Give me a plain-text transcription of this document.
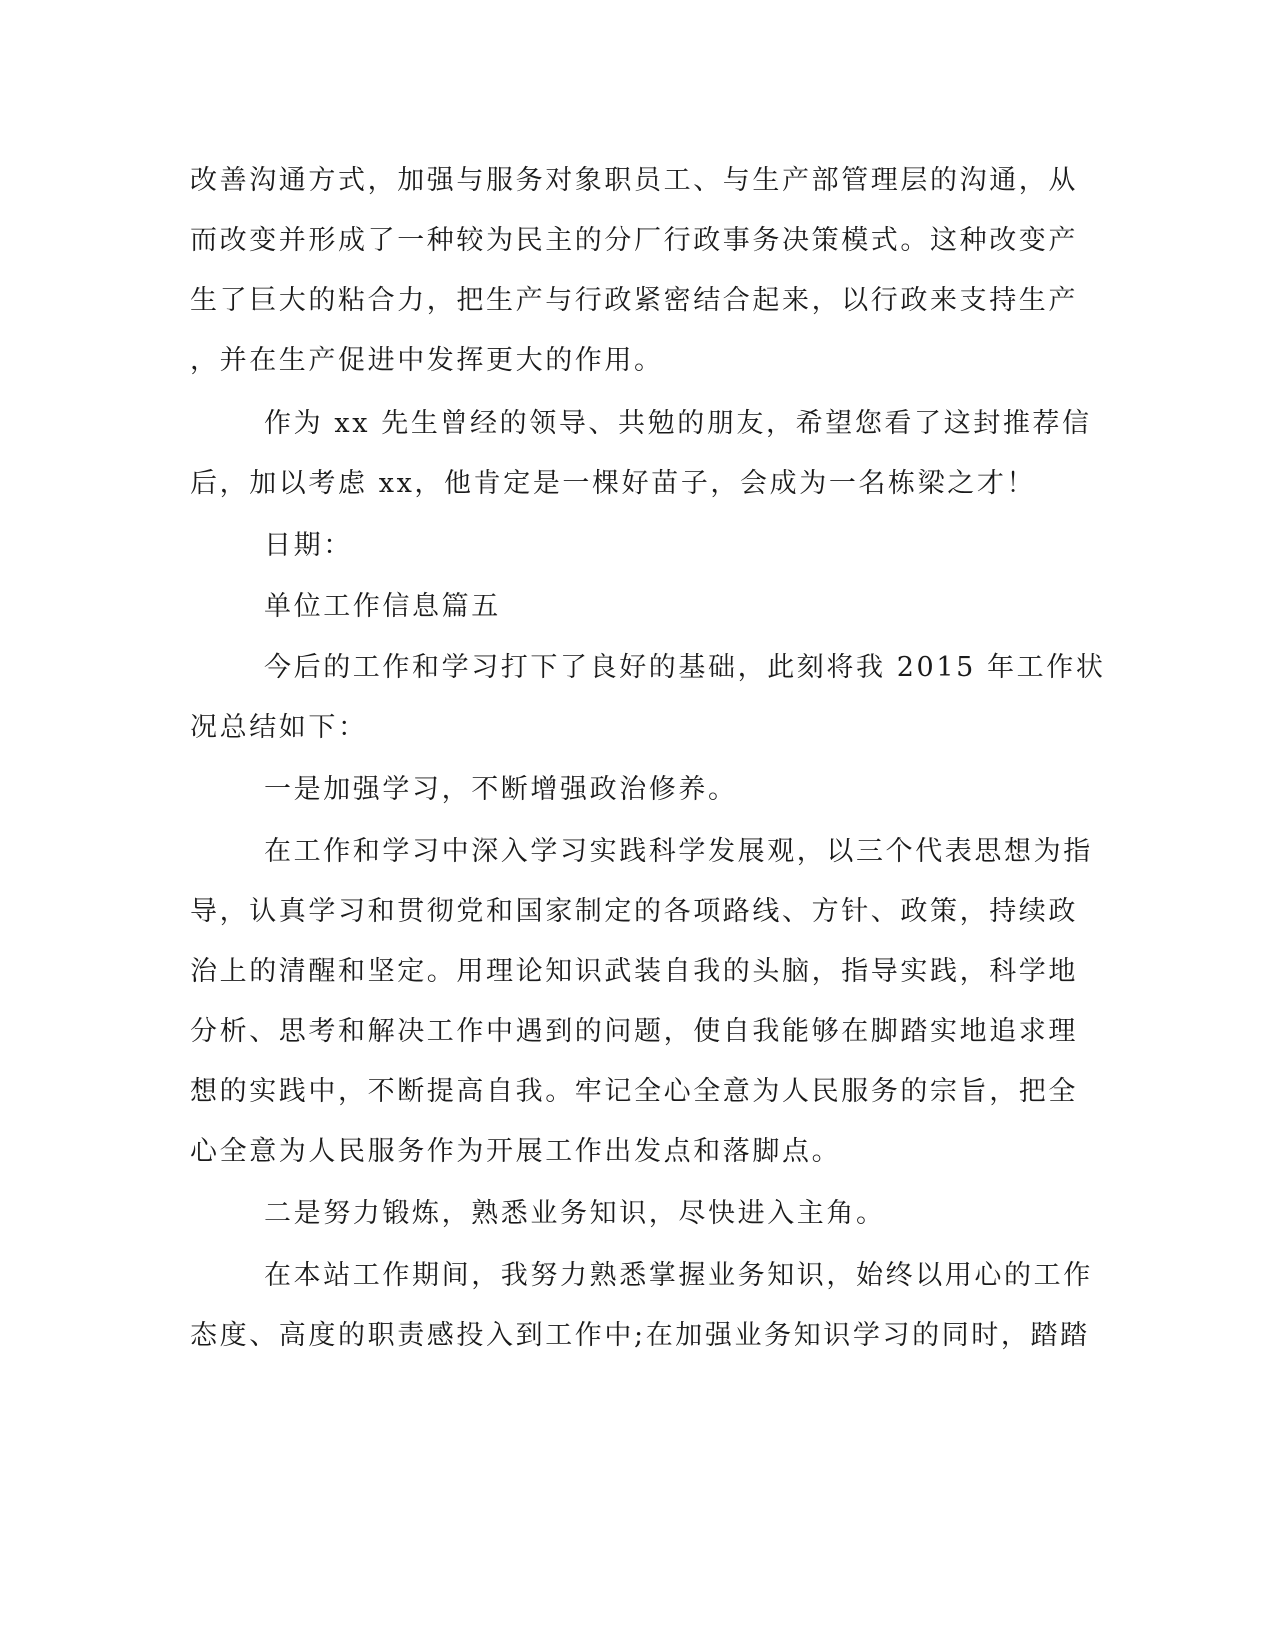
改善沟通方式，加强与服务对象职员工、与生产部管理层的沟通，从

而改变并形成了一种较为民主的分厂行政事务决策模式。这种改变产

生了巨大的粘合力，把生产与行政紧密结合起来，以行政来支持生产

，并在生产促进中发挥更大的作用。

作为 xx 先生曾经的领导、共勉的朋友，希望您看了这封推荐信

后，加以考虑 xx，他肯定是一棵好苗子，会成为一名栋梁之才！

日期：

单位工作信息篇五

今后的工作和学习打下了良好的基础，此刻将我 2015 年工作状

况总结如下：

一是加强学习，不断增强政治修养。

在工作和学习中深入学习实践科学发展观，以三个代表思想为指

导，认真学习和贯彻党和国家制定的各项路线、方针、政策，持续政

治上的清醒和坚定。用理论知识武装自我的头脑，指导实践，科学地

分析、思考和解决工作中遇到的问题，使自我能够在脚踏实地追求理

想的实践中，不断提高自我。牢记全心全意为人民服务的宗旨，把全

心全意为人民服务作为开展工作出发点和落脚点。

二是努力锻炼，熟悉业务知识，尽快进入主角。

在本站工作期间，我努力熟悉掌握业务知识，始终以用心的工作

态度、高度的职责感投入到工作中;在加强业务知识学习的同时，踏踏
